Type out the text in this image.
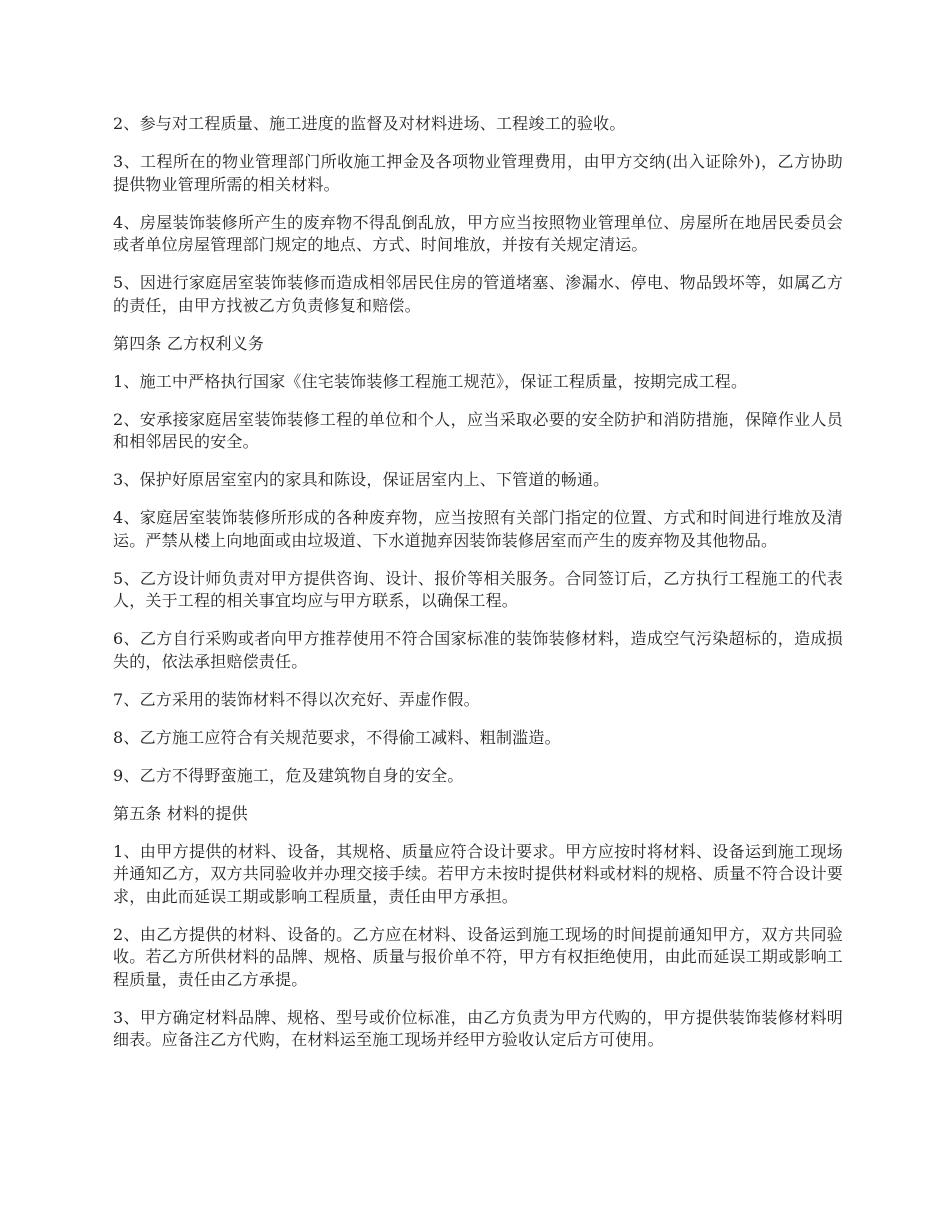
2、参与对工程质量、施工进度的监督及对材料进场、工程竣工的验收。

3、工程所在的物业管理部门所收施工押金及各项物业管理费用，由甲方交纳(出入证除外)，乙方协助提供物业管理所需的相关材料。

4、房屋装饰装修所产生的废弃物不得乱倒乱放，甲方应当按照物业管理单位、房屋所在地居民委员会或者单位房屋管理部门规定的地点、方式、时间堆放，并按有关规定清运。

5、因进行家庭居室装饰装修而造成相邻居民住房的管道堵塞、渗漏水、停电、物品毁坏等，如属乙方的责任，由甲方找被乙方负责修复和赔偿。

第四条 乙方权利义务

1、施工中严格执行国家《住宅装饰装修工程施工规范》，保证工程质量，按期完成工程。

2、安承接家庭居室装饰装修工程的单位和个人，应当采取必要的安全防护和消防措施，保障作业人员和相邻居民的安全。

3、保护好原居室室内的家具和陈设，保证居室内上、下管道的畅通。

4、家庭居室装饰装修所形成的各种废弃物，应当按照有关部门指定的位置、方式和时间进行堆放及清运。严禁从楼上向地面或由垃圾道、下水道抛弃因装饰装修居室而产生的废弃物及其他物品。

5、乙方设计师负责对甲方提供咨询、设计、报价等相关服务。合同签订后，乙方执行工程施工的代表人，关于工程的相关事宜均应与甲方联系，以确保工程。

6、乙方自行采购或者向甲方推荐使用不符合国家标准的装饰装修材料，造成空气污染超标的，造成损失的，依法承担赔偿责任。

7、乙方采用的装饰材料不得以次充好、弄虚作假。

8、乙方施工应符合有关规范要求，不得偷工减料、粗制滥造。

9、乙方不得野蛮施工，危及建筑物自身的安全。

第五条 材料的提供

1、由甲方提供的材料、设备，其规格、质量应符合设计要求。甲方应按时将材料、设备运到施工现场并通知乙方，双方共同验收并办理交接手续。若甲方未按时提供材料或材料的规格、质量不符合设计要求，由此而延误工期或影响工程质量，责任由甲方承担。

2、由乙方提供的材料、设备的。乙方应在材料、设备运到施工现场的时间提前通知甲方，双方共同验收。若乙方所供材料的品牌、规格、质量与报价单不符，甲方有权拒绝使用，由此而延误工期或影响工程质量，责任由乙方承提。

3、甲方确定材料品牌、规格、型号或价位标准，由乙方负责为甲方代购的，甲方提供装饰装修材料明细表。应备注乙方代购，在材料运至施工现场并经甲方验收认定后方可使用。
